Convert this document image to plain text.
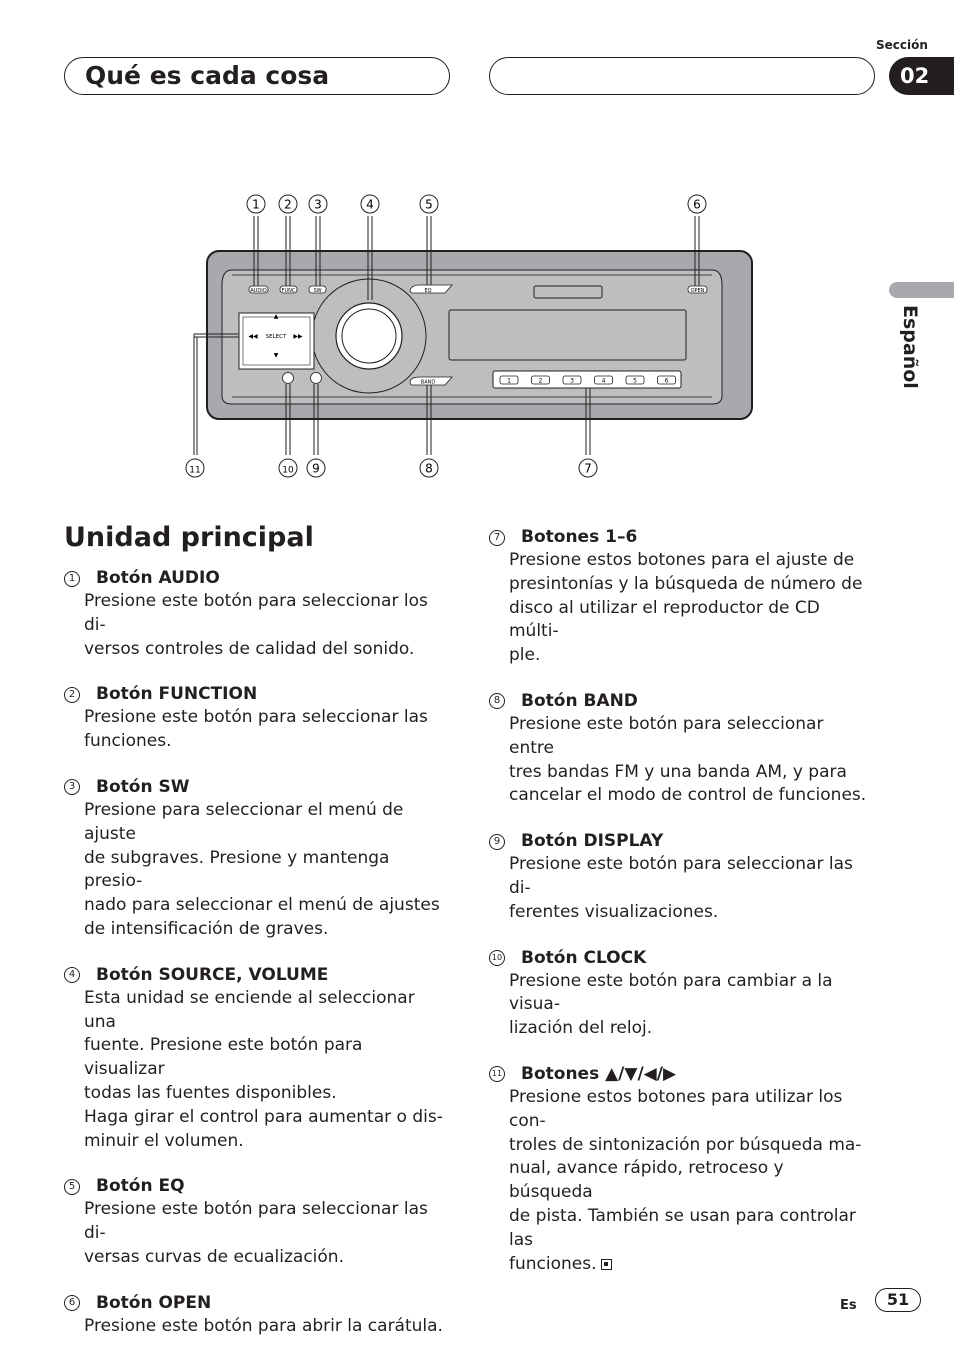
Qué es cada cosa
Sección
02
Español
AUDIO	FUNC	SW	EQ
BAND
OPEN
SELECT
▲
▼
◀◀	▶▶
1	2	3	4	5	6
1 2 3	4	5	6
7
8
9
10
11
Unidad principal
1 Botón AUDIO
Presione este botón para seleccionar los di-
versos controles de calidad del sonido.
2 Botón FUNCTION
Presione este botón para seleccionar las
funciones.
3 Botón SW
Presione para seleccionar el menú de ajuste
de subgraves. Presione y mantenga presio-
nado para seleccionar el menú de ajustes
de intensificación de graves.
4 Botón SOURCE, VOLUME
Esta unidad se enciende al seleccionar una
fuente. Presione este botón para visualizar
todas las fuentes disponibles.
Haga girar el control para aumentar o dis-
minuir el volumen.
5 Botón EQ
Presione este botón para seleccionar las di-
versas curvas de ecualización.
6 Botón OPEN
Presione este botón para abrir la carátula.
7 Botones 1–6
Presione estos botones para el ajuste de
presintonías y la búsqueda de número de
disco al utilizar el reproductor de CD múlti-
ple.
8 Botón BAND
Presione este botón para seleccionar entre
tres bandas FM y una banda AM, y para
cancelar el modo de control de funciones.
9 Botón DISPLAY
Presione este botón para seleccionar las di-
ferentes visualizaciones.
10 Botón CLOCK
Presione este botón para cambiar a la visua-
lización del reloj.
11 Botones ▲/▼/◀/▶
Presione estos botones para utilizar los con-
troles de sintonización por búsqueda ma-
nual, avance rápido, retroceso y búsqueda
de pista. También se usan para controlar las
funciones.
Es	51
